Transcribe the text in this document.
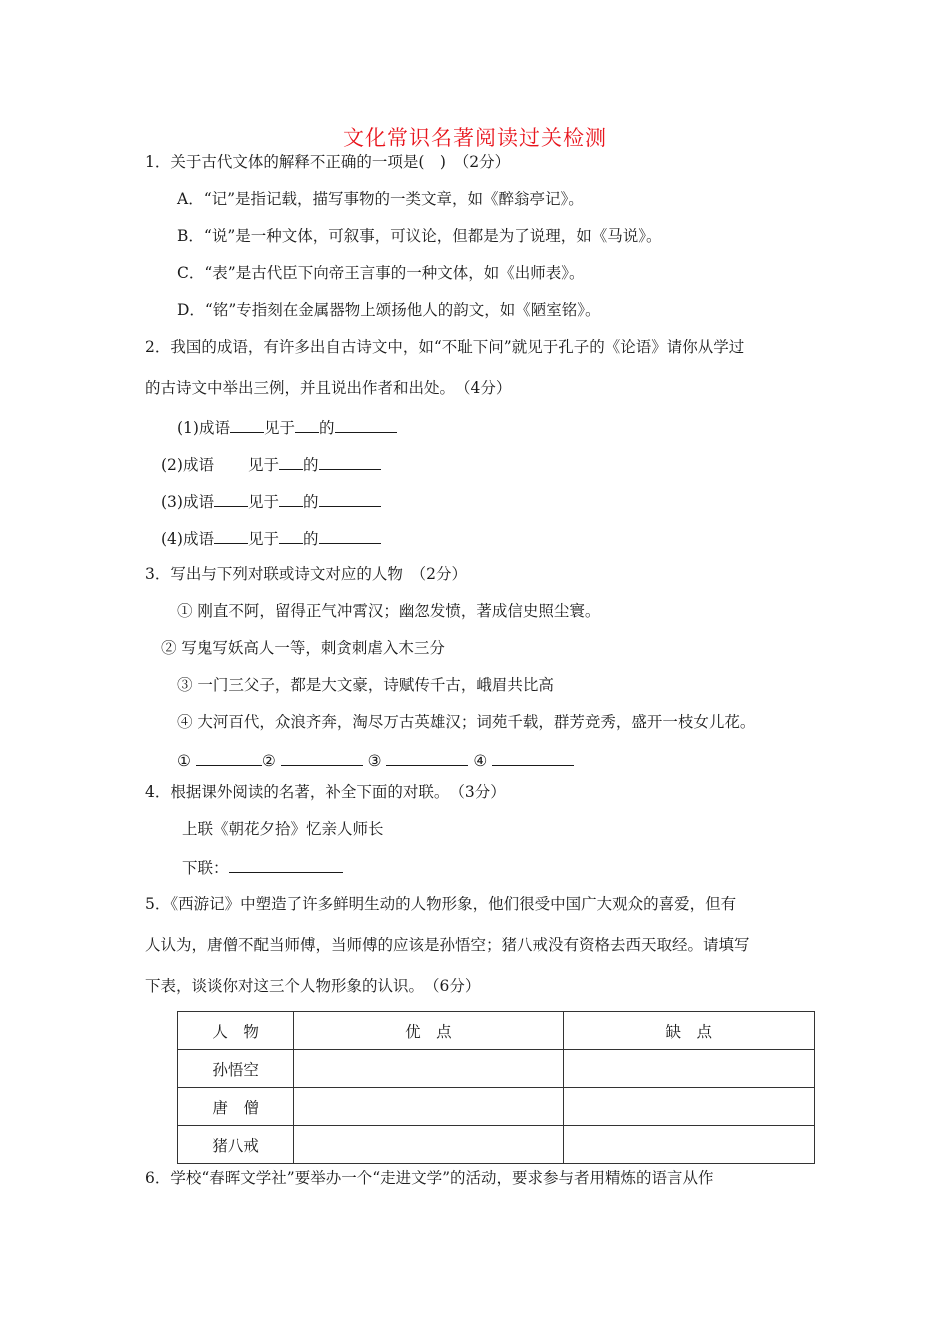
文化常识名著阅读过关检测
1．关于古代文体的解释不正确的一项是(　)　（2分）
A．“记”是指记载，描写事物的一类文章，如《醉翁亭记》。
B．“说”是一种文体，可叙事，可议论，但都是为了说理，如《马说》。
C．“表”是古代臣下向帝王言事的一种文体，如《出师表》。
D．“铭”专指刻在金属器物上颂扬他人的韵文，如《陋室铭》。
2．我国的成语，有许多出自古诗文中，如“不耻下问”就见于孔子的《论语》请你从学过
的古诗文中举出三例，并且说出作者和出处。　（4分）
(1)成语 见于 的
(2)成语 见于 的
(3)成语 见于 的
(4)成语 见于 的
3．写出与下列对联或诗文对应的人物　（2分）
① 刚直不阿，留得正气冲霄汉；幽忽发愤，著成信史照尘寰。
② 写鬼写妖高人一等，刺贪刺虐入木三分
③ 一门三父子，都是大文豪，诗赋传千古，峨眉共比高
④ 大河百代，众浪齐奔，淘尽万古英雄汉；词苑千载，群芳竞秀，盛开一枝女儿花。
①	②	③	④
4．根据课外阅读的名著，补全下面的对联。　（3分）
上联《朝花夕拾》忆亲人师长
下联：
5．《西游记》中塑造了许多鲜明生动的人物形象，他们很受中国广大观众的喜爱，但有
人认为，唐僧不配当师傅，当师傅的应该是孙悟空；猪八戒没有资格去西天取经。请填写
下表，谈谈你对这三个人物形象的认识。　（6分）
人　物	优　点	缺　点
孙悟空		
唐　僧		
猪八戒		
6．学校“春晖文学社”要举办一个“走进文学”的活动，要求参与者用精炼的语言从作
